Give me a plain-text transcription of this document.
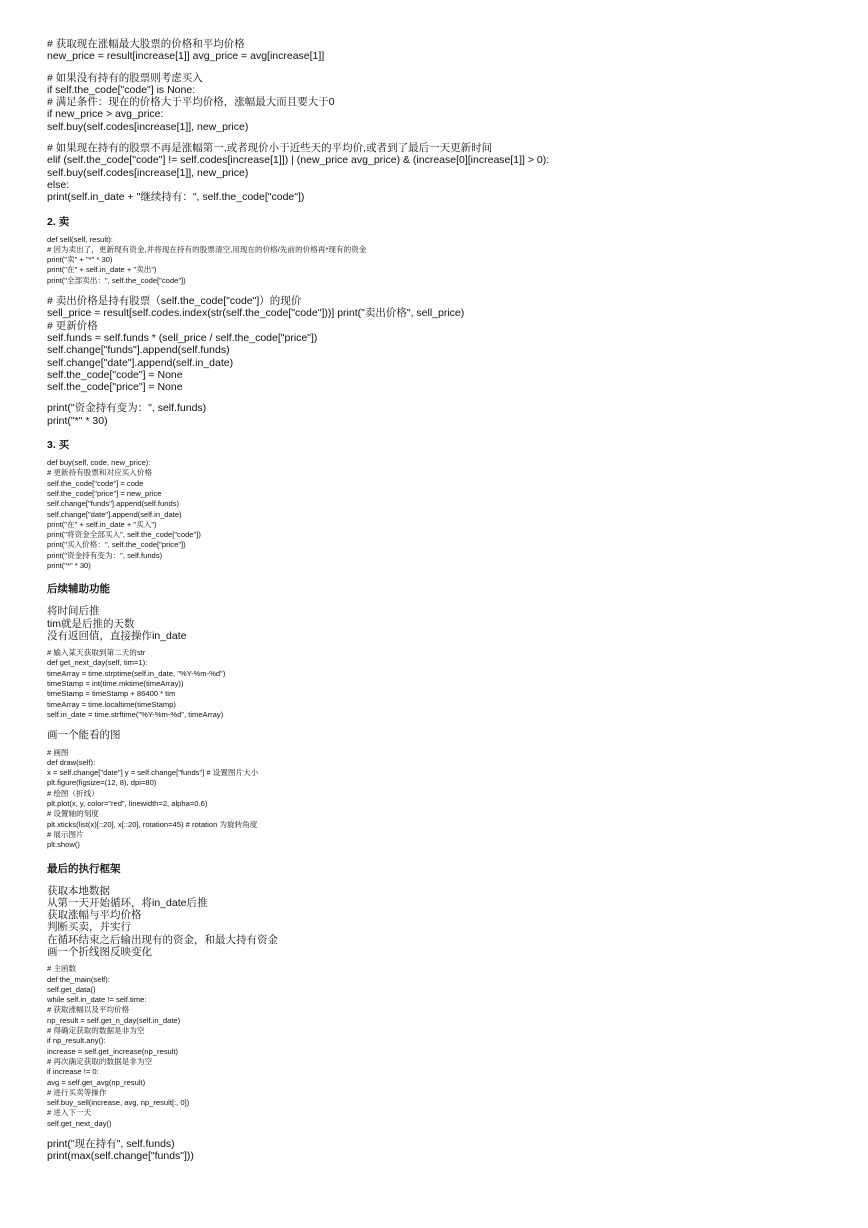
# 获取现在涨幅最大股票的价格和平均价格
new_price = result[increase[1]] avg_price = avg[increase[1]]
# 如果没有持有的股票则考虑买入
if self.the_code["code"] is None:
# 满足条件：现在的价格大于平均价格，涨幅最大而且要大于0
if new_price > avg_price:
self.buy(self.codes[increase[1]], new_price)
# 如果现在持有的股票不再是涨幅第一,或者现价小于近些天的平均价,或者到了最后一天更新时间
elif (self.the_code["code"] != self.codes[increase[1]]) | (new_price avg_price) & (increase[0][increase[1]] > 0):
self.buy(self.codes[increase[1]], new_price)
else:
print(self.in_date + "继续持有：", self.the_code["code"])
2. 卖
def sell(self, result):
# 因为卖出了，更新现有资金,并将现在持有的股票清空,用现在的价格/先前的价格再*现有的资金
print("卖" + "*" * 30)
print("在" + self.in_date + "卖出")
print("全部卖出：", self.the_code["code"])
# 卖出价格是持有股票（self.the_code["code"]）的现价
sell_price = result[self.codes.index(str(self.the_code["code"]))] print("卖出价格", sell_price)
# 更新价格
self.funds = self.funds * (sell_price / self.the_code["price"])
self.change["funds"].append(self.funds)
self.change["date"].append(self.in_date)
self.the_code["code"] = None
self.the_code["price"] = None
print("资金持有变为：", self.funds)
print("*" * 30)
3. 买
def buy(self, code, new_price):
# 更新持有股票和对应买入价格
self.the_code["code"] = code
self.the_code["price"] = new_price
self.change["funds"].append(self.funds)
self.change["date"].append(self.in_date)
print("在" + self.in_date + "买入")
print("将资金全部买入", self.the_code["code"])
print("买入价格：", self.the_code["price"])
print("资金持有变为：", self.funds)
print("*" * 30)
后续辅助功能
将时间后推
tim就是后推的天数
没有返回值，直接操作in_date
# 输入某天获取到第二天的str
def get_next_day(self, tim=1):
timeArray = time.strptime(self.in_date, "%Y-%m-%d")
timeStamp = int(time.mktime(timeArray))
timeStamp = timeStamp + 86400 * tim
timeArray = time.localtime(timeStamp)
self.in_date = time.strftime("%Y-%m-%d", timeArray)
画一个能看的图
# 画图
def draw(self):
x = self.change["date"] y = self.change["funds"] # 设置图片大小
plt.figure(figsize=(12, 8), dpi=80)
# 绘图（折线）
plt.plot(x, y, color="red", linewidth=2, alpha=0.6)
# 设置轴的刻度
plt.xticks(list(x)[::20], x[::20], rotation=45) # rotation 为旋转角度
# 展示图片
plt.show()
最后的执行框架
获取本地数据
从第一天开始循环，将in_date后推
获取涨幅与平均价格
判断买卖，并实行
在循环结束之后输出现有的资金，和最大持有资金
画一个折线图反映变化
# 主函数
def the_main(self):
self.get_data()
while self.in_date != self.time:
# 获取涨幅以及平均价格
np_result = self.get_n_day(self.in_date)
# 得确定获取的数据是非为空
if np_result.any():
increase = self.get_increase(np_result)
# 再次确定获取的数据是非为空
if increase != 0:
avg = self.get_avg(np_result)
# 进行买卖等操作
self.buy_sell(increase, avg, np_result[:, 0])
# 进入下一天
self.get_next_day()
print("现在持有", self.funds)
print(max(self.change["funds"]))
